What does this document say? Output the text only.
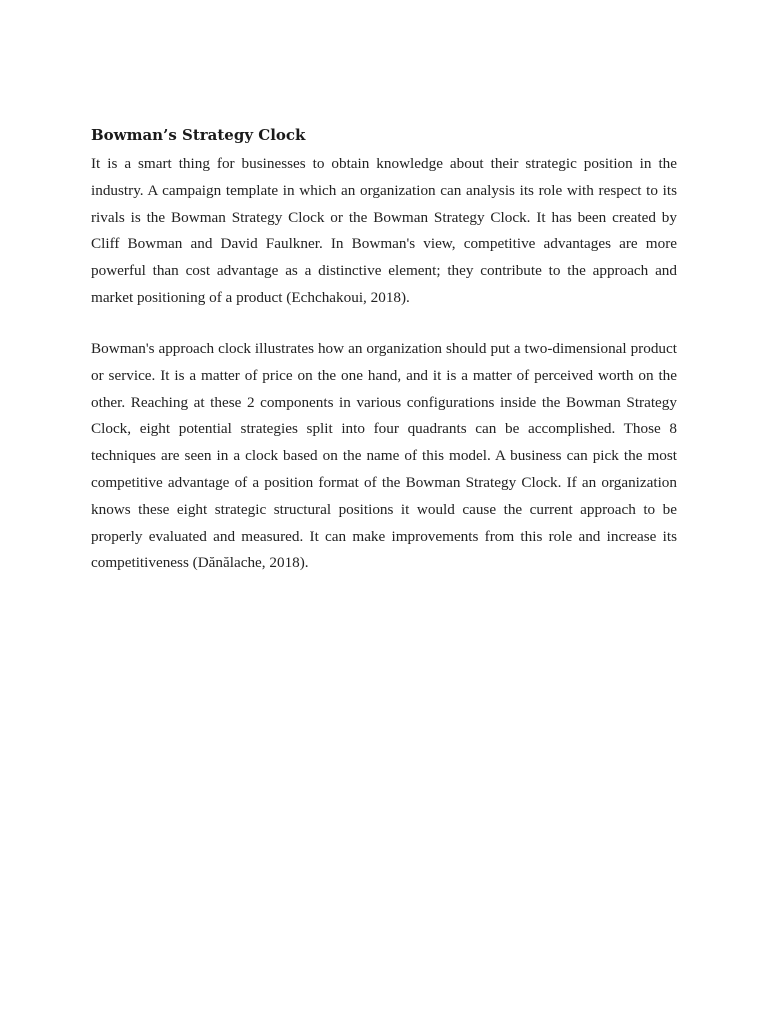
Bowman’s Strategy Clock

It is a smart thing for businesses to obtain knowledge about their strategic position in the industry. A campaign template in which an organization can analysis its role with respect to its rivals is the Bowman Strategy Clock or the Bowman Strategy Clock. It has been created by Cliff Bowman and David Faulkner. In Bowman's view, competitive advantages are more powerful than cost advantage as a distinctive element; they contribute to the approach and market positioning of a product (Echchakoui, 2018).

Bowman's approach clock illustrates how an organization should put a two-dimensional product or service. It is a matter of price on the one hand, and it is a matter of perceived worth on the other. Reaching at these 2 components in various configurations inside the Bowman Strategy Clock, eight potential strategies split into four quadrants can be accomplished. Those 8 techniques are seen in a clock based on the name of this model. A business can pick the most competitive advantage of a position format of the Bowman Strategy Clock. If an organization knows these eight strategic structural positions it would cause the current approach to be properly evaluated and measured. It can make improvements from this role and increase its competitiveness (Dănălache, 2018).
